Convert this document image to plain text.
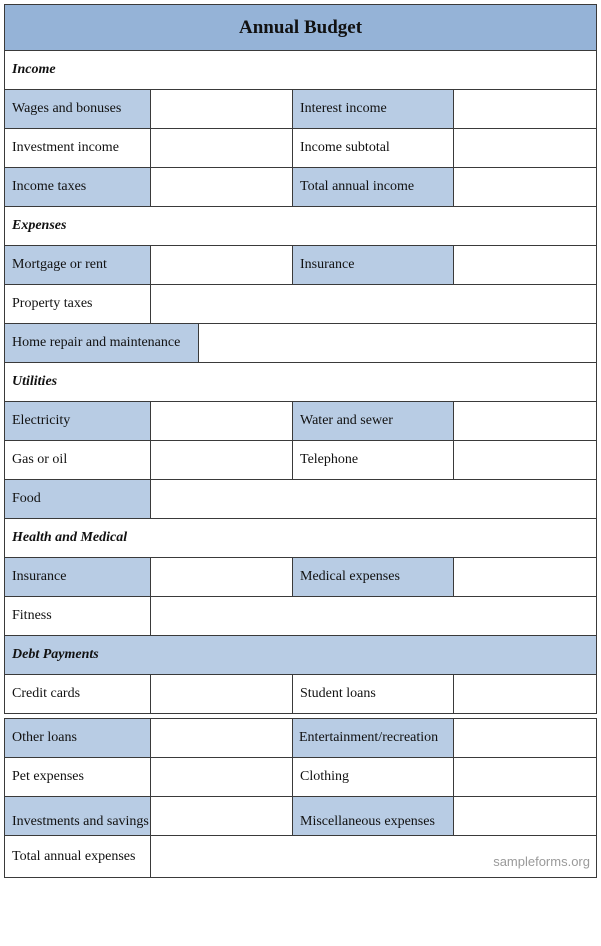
Annual Budget			
Income			
Wages and bonuses		Interest income	
Investment income		Income subtotal	
Income taxes		Total annual income	
Expenses			
Mortgage or rent		Insurance	
Property taxes	

Home repair and maintenance			

Utilities			
Electricity		Water and sewer	
Gas or oil		Telephone	
Food	
Health and Medical			
Insurance		Medical expenses	
Fitness	
Debt Payments			
Credit cards		Student loans	
Other loans		Entertainment/recreation	
Pet expenses		Clothing	
Investments and savings		Miscellaneous expenses	
Total annual expenses	sampleforms.org		
